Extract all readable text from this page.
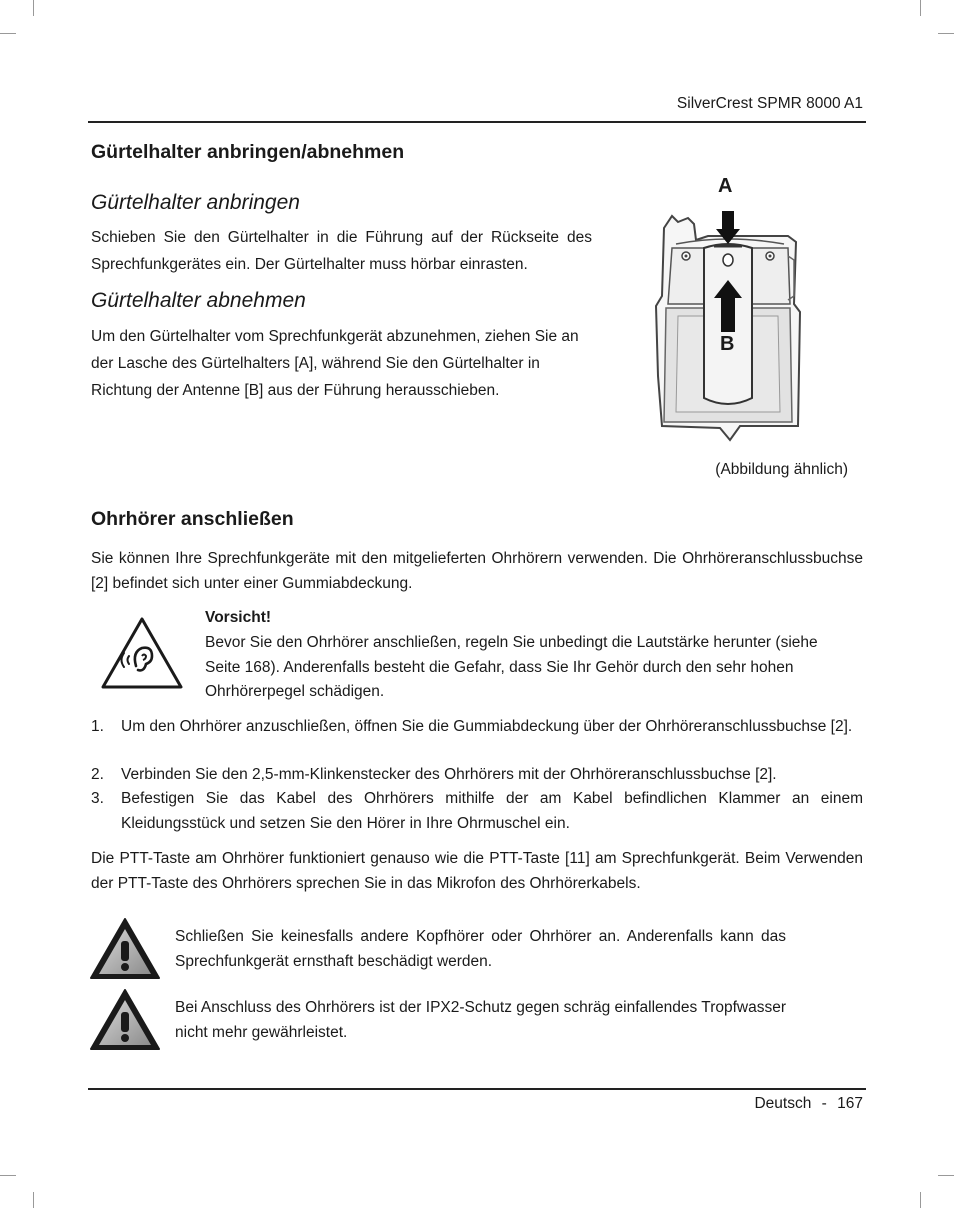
SilverCrest SPMR 8000 A1
Gürtelhalter anbringen/abnehmen
Gürtelhalter anbringen

Schieben Sie den Gürtelhalter in die Führung auf der Rückseite des Sprechfunkgerätes ein. Der Gürtelhalter muss hörbar einrasten.

Gürtelhalter abnehmen

Um den Gürtelhalter vom Sprechfunkgerät abzunehmen, ziehen Sie an der Lasche des Gürtelhalters [A], während Sie den Gürtelhalter in Richtung der Antenne [B] aus der Führung herausschieben.

A
B
(Abbildung ähnlich)
Ohrhörer anschließen

Sie können Ihre Sprechfunkgeräte mit den mitgelieferten Ohrhörern verwenden. Die Ohrhöreranschlussbuchse [2] befindet sich unter einer Gummiabdeckung.

Vorsicht!

Bevor Sie den Ohrhörer anschließen, regeln Sie unbedingt die Lautstärke herunter (siehe Seite 168). Anderenfalls besteht die Gefahr, dass Sie Ihr Gehör durch den sehr hohen Ohrhörerpegel schädigen.

1. Um den Ohrhörer anzuschließen, öffnen Sie die Gummiabdeckung über der Ohrhöreranschlussbuchse [2].
2. Verbinden Sie den 2,5-mm-Klinkenstecker des Ohrhörers mit der Ohrhöreranschlussbuchse [2].
3. Befestigen Sie das Kabel des Ohrhörers mithilfe der am Kabel befindlichen Klammer an einem Kleidungsstück und setzen Sie den Hörer in Ihre Ohrmuschel ein.

Die PTT-Taste am Ohrhörer funktioniert genauso wie die PTT-Taste [11] am Sprechfunkgerät. Beim Verwenden der PTT-Taste des Ohrhörers sprechen Sie in das Mikrofon des Ohrhörerkabels.

Schließen Sie keinesfalls andere Kopfhörer oder Ohrhörer an. Anderenfalls kann das Sprechfunkgerät ernsthaft beschädigt werden.
Bei Anschluss des Ohrhörers ist der IPX2-Schutz gegen schräg einfallendes Tropfwasser nicht mehr gewährleistet.
Deutsch - 167
